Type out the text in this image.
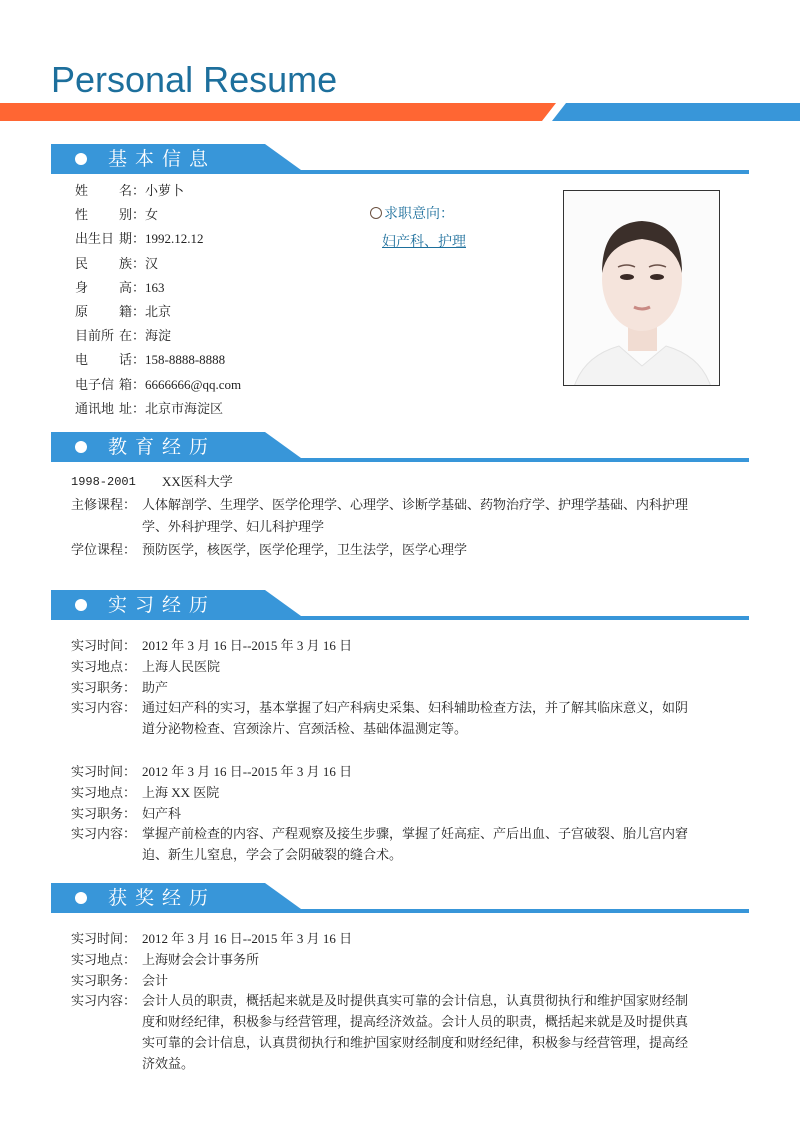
Personal Resume
基本信息
姓 名： 小萝卜
性 别： 女
出生日 期： 1992.12.12
民 族： 汉
身 高： 163
原 籍： 北京
目前所 在： 海淀
电 话： 158-8888-8888
电子信 箱： 6666666@qq.com
通讯地 址： 北京市海淀区
求职意向：
妇产科、护理
教育经历
1998-2001	XX医科大学
主修课程： 人体解剖学、生理学、医学伦理学、心理学、诊断学基础、药物治疗学、护理学基础、内科护理学、外科护理学、妇儿科护理学
学位课程： 预防医学，核医学，医学伦理学，卫生法学，医学心理学
实习经历
实习时间： 2012 年 3 月 16 日--2015 年 3 月 16 日
实习地点： 上海人民医院
实习职务： 助产
实习内容： 通过妇产科的实习，基本掌握了妇产科病史采集、妇科辅助检查方法，并了解其临床意义，如阴道分泌物检查、宫颈涂片、宫颈活检、基础体温测定等。
实习时间： 2012 年 3 月 16 日--2015 年 3 月 16 日
实习地点： 上海 XX 医院
实习职务： 妇产科
实习内容： 掌握产前检查的内容、产程观察及接生步骤，掌握了妊高症、产后出血、子宫破裂、胎儿宫内窘迫、新生儿窒息，学会了会阴破裂的缝合术。
获奖经历
实习时间： 2012 年 3 月 16 日--2015 年 3 月 16 日
实习地点： 上海财会会计事务所
实习职务： 会计
实习内容： 会计人员的职责，概括起来就是及时提供真实可靠的会计信息，认真贯彻执行和维护国家财经制度和财经纪律，积极参与经营管理，提高经济效益。会计人员的职责，概括起来就是及时提供真实可靠的会计信息，认真贯彻执行和维护国家财经制度和财经纪律，积极参与经营管理，提高经济效益。
